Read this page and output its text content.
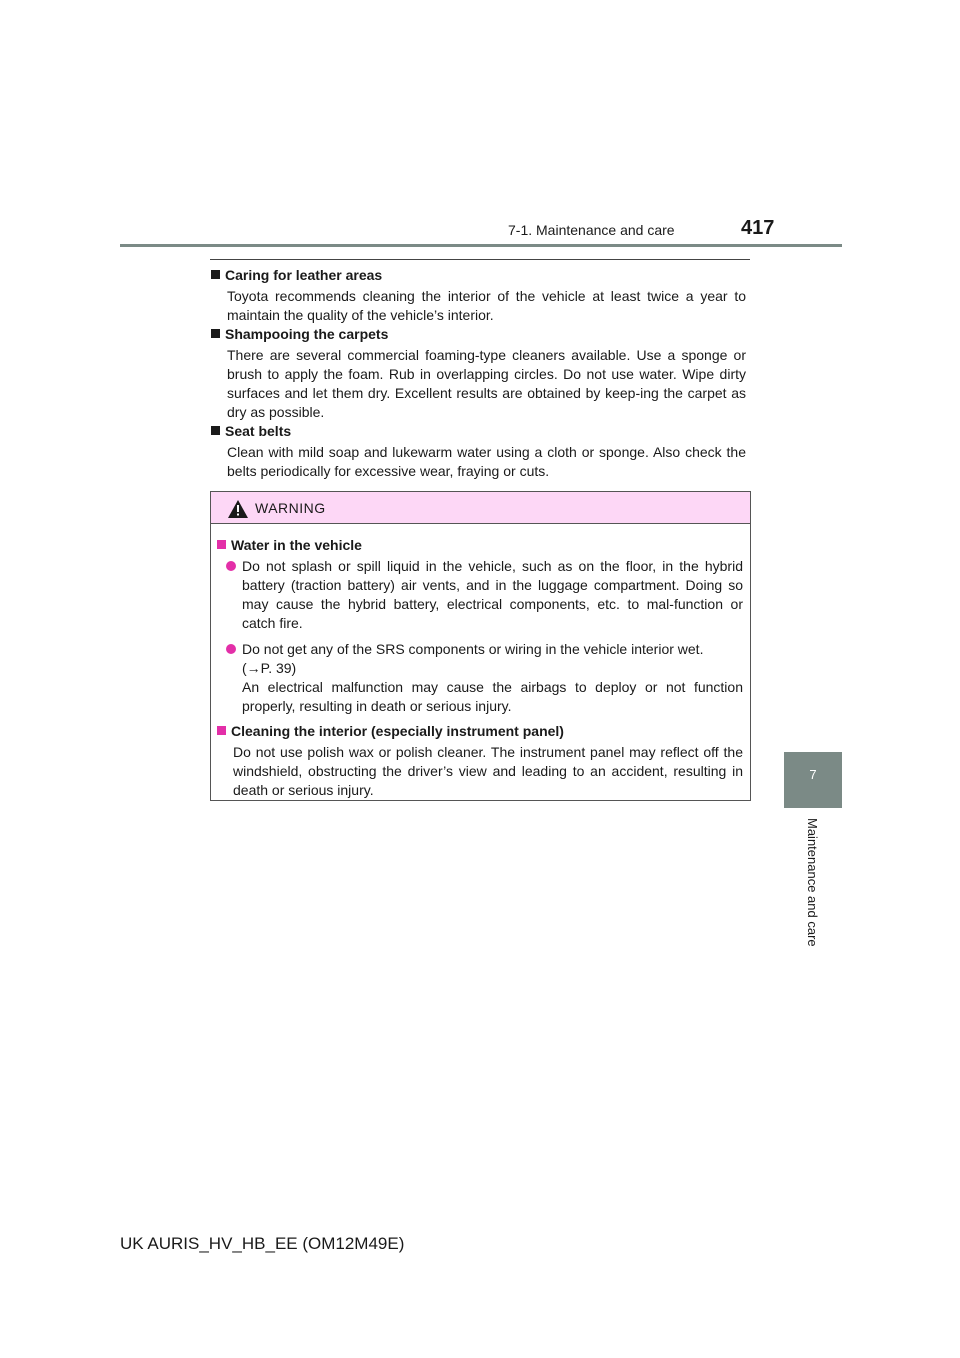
7-1. Maintenance and care	417
7
Maintenance and care
Caring for leather areas
Toyota recommends cleaning the interior of the vehicle at least twice a year to maintain the quality of the vehicle’s interior.
Shampooing the carpets
There are several commercial foaming-type cleaners available. Use a sponge or brush to apply the foam. Rub in overlapping circles. Do not use water. Wipe dirty surfaces and let them dry. Excellent results are obtained by keep-ing the carpet as dry as possible.
Seat belts
Clean with mild soap and lukewarm water using a cloth or sponge. Also check the belts periodically for excessive wear, fraying or cuts.
WARNING
Water in the vehicle
Do not splash or spill liquid in the vehicle, such as on the floor, in the hybrid battery (traction battery) air vents, and in the luggage compartment. Doing so may cause the hybrid battery, electrical components, etc. to mal-function or catch fire.
Do not get any of the SRS components or wiring in the vehicle interior wet.
(→P. 39)
An electrical malfunction may cause the airbags to deploy or not function properly, resulting in death or serious injury.
Cleaning the interior (especially instrument panel)
Do not use polish wax or polish cleaner. The instrument panel may reflect off the windshield, obstructing the driver’s view and leading to an accident, resulting in death or serious injury.
UK AURIS_HV_HB_EE (OM12M49E)
